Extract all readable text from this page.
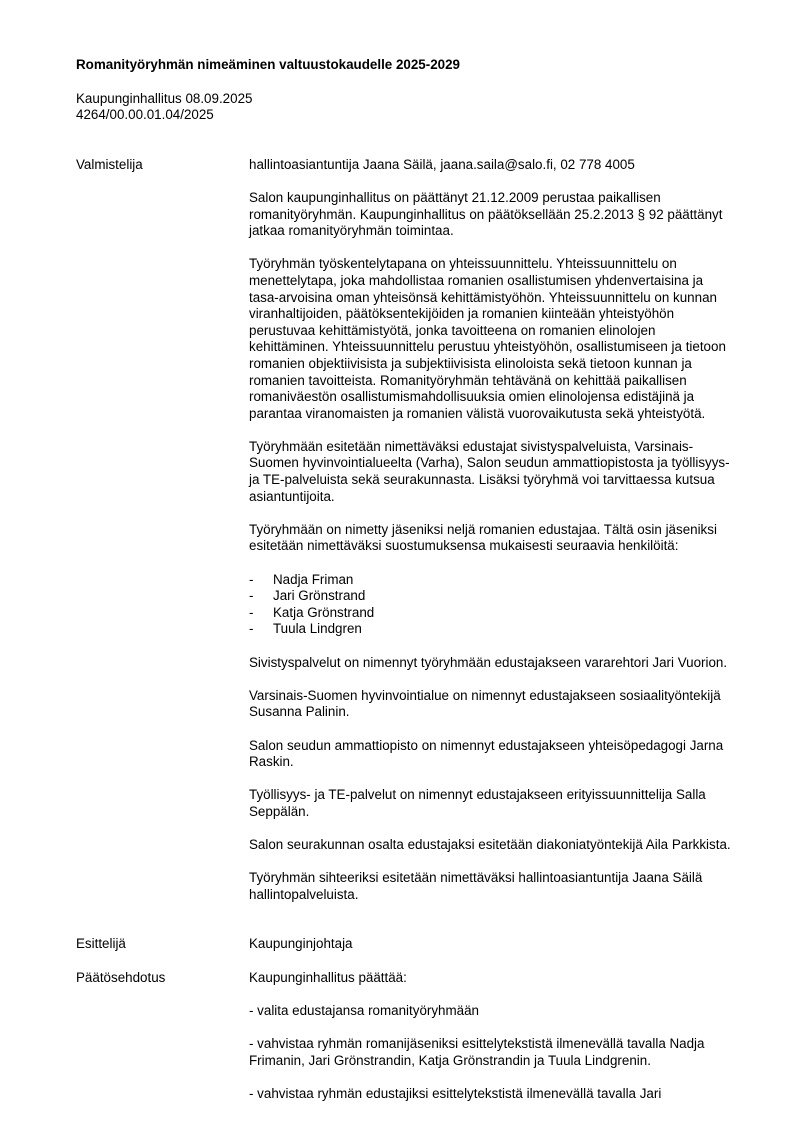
Romanityöryhmän nimeäminen valtuustokaudelle 2025-2029

Kaupunginhallitus 08.09.2025
4264/00.00.01.04/2025
Valmistelija	hallintoasiantuntija Jaana Säilä, jaana.saila@salo.fi, 02 778 4005

Salon kaupunginhallitus on päättänyt 21.12.2009 perustaa paikallisen romanityöryhmän. Kaupunginhallitus on päätöksellään 25.2.2013 § 92 päättänyt jatkaa romanityöryhmän toimintaa.

Työryhmän työskentelytapana on yhteissuunnittelu. Yhteissuunnittelu on menettelytapa, joka mahdollistaa romanien osallistumisen yhdenvertaisina ja tasa-arvoisina oman yhteisönsä kehittämistyöhön. Yhteissuunnittelu on kunnan viranhaltijoiden, päätöksentekijöiden ja romanien kiinteään yhteistyöhön perustuvaa kehittämistyötä, jonka tavoitteena on romanien elinolojen kehittäminen. Yhteissuunnittelu perustuu yhteistyöhön, osallistumiseen ja tietoon romanien objektiivisista ja subjektiivisista elinoloista sekä tietoon kunnan ja romanien tavoitteista. Romanityöryhmän tehtävänä on kehittää paikallisen romaniväestön osallistumismahdollisuuksia omien elinolojensa edistäjinä ja parantaa viranomaisten ja romanien välistä vuorovaikutusta sekä yhteistyötä.

Työryhmään esitetään nimettäväksi edustajat sivistyspalveluista, Varsinais-Suomen hyvinvointialueelta (Varha), Salon seudun ammattiopistosta ja työllisyys- ja TE-palveluista sekä seurakunnasta. Lisäksi työryhmä voi tarvittaessa kutsua asiantuntijoita.

Työryhmään on nimetty jäseniksi neljä romanien edustajaa. Tältä osin jäseniksi esitetään nimettäväksi suostumuksensa mukaisesti seuraavia henkilöitä:

-	Nadja Friman
-	Jari Grönstrand
-	Katja Grönstrand
-	Tuula Lindgren

Sivistyspalvelut on nimennyt työryhmään edustajakseen vararehtori Jari Vuorion.

Varsinais-Suomen hyvinvointialue on nimennyt edustajakseen sosiaalityöntekijä Susanna Palinin.

Salon seudun ammattiopisto on nimennyt edustajakseen yhteisöpedagogi Jarna Raskin.

Työllisyys- ja TE-palvelut on nimennyt edustajakseen erityissuunnittelija Salla Seppälän.

Salon seurakunnan osalta edustajaksi esitetään diakoniatyöntekijä Aila Parkkista.

Työryhmän sihteeriksi esitetään nimettäväksi hallintoasiantuntija Jaana Säilä hallintopalveluista.

Esittelijä	Kaupunginjohtaja
Päätösehdotus	Kaupunginhallitus päättää:

- valita edustajansa romanityöryhmään

- vahvistaa ryhmän romanijäseniksi esittelytekstistä ilmenevällä tavalla Nadja Frimanin, Jari Grönstrandin, Katja Grönstrandin ja Tuula Lindgrenin.

- vahvistaa ryhmän edustajiksi esittelytekstistä ilmenevällä tavalla Jari
